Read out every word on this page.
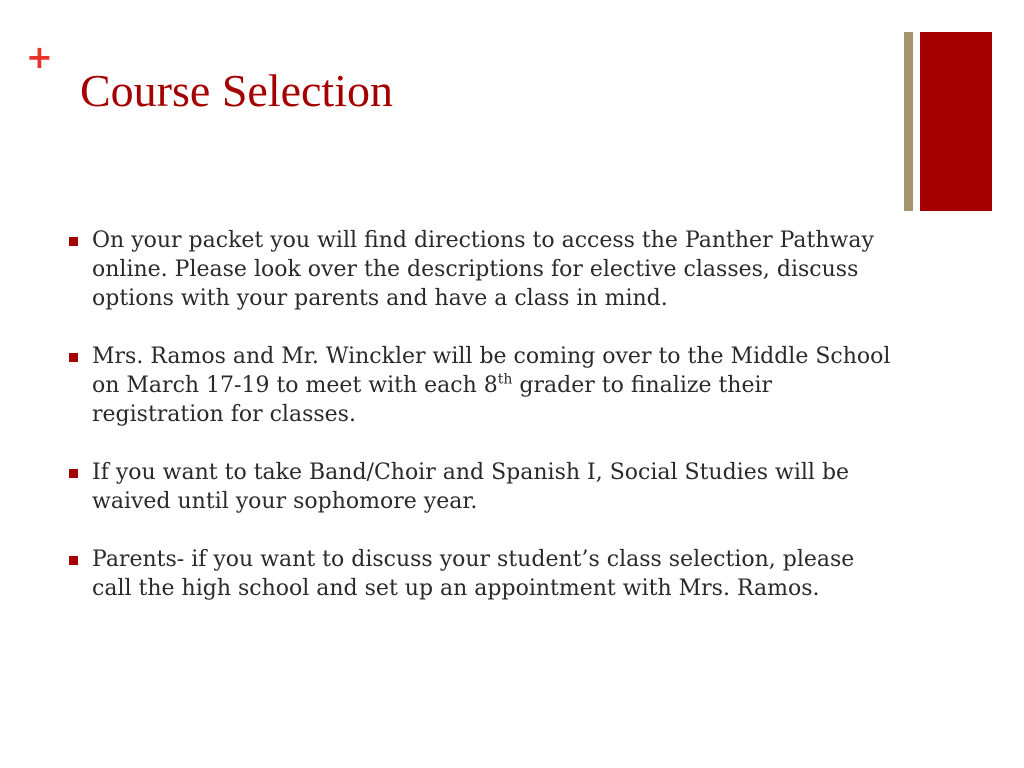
+
Course Selection
On your packet you will find directions to access the Panther Pathway online. Please look over the descriptions for elective classes, discuss options with your parents and have a class in mind.
Mrs. Ramos and Mr. Winckler will be coming over to the Middle School on March 17-19 to meet with each 8th grader to finalize their registration for classes.
If you want to take Band/Choir and Spanish I, Social Studies will be waived until your sophomore year.
Parents- if you want to discuss your student’s class selection, please call the high school and set up an appointment with Mrs. Ramos.
